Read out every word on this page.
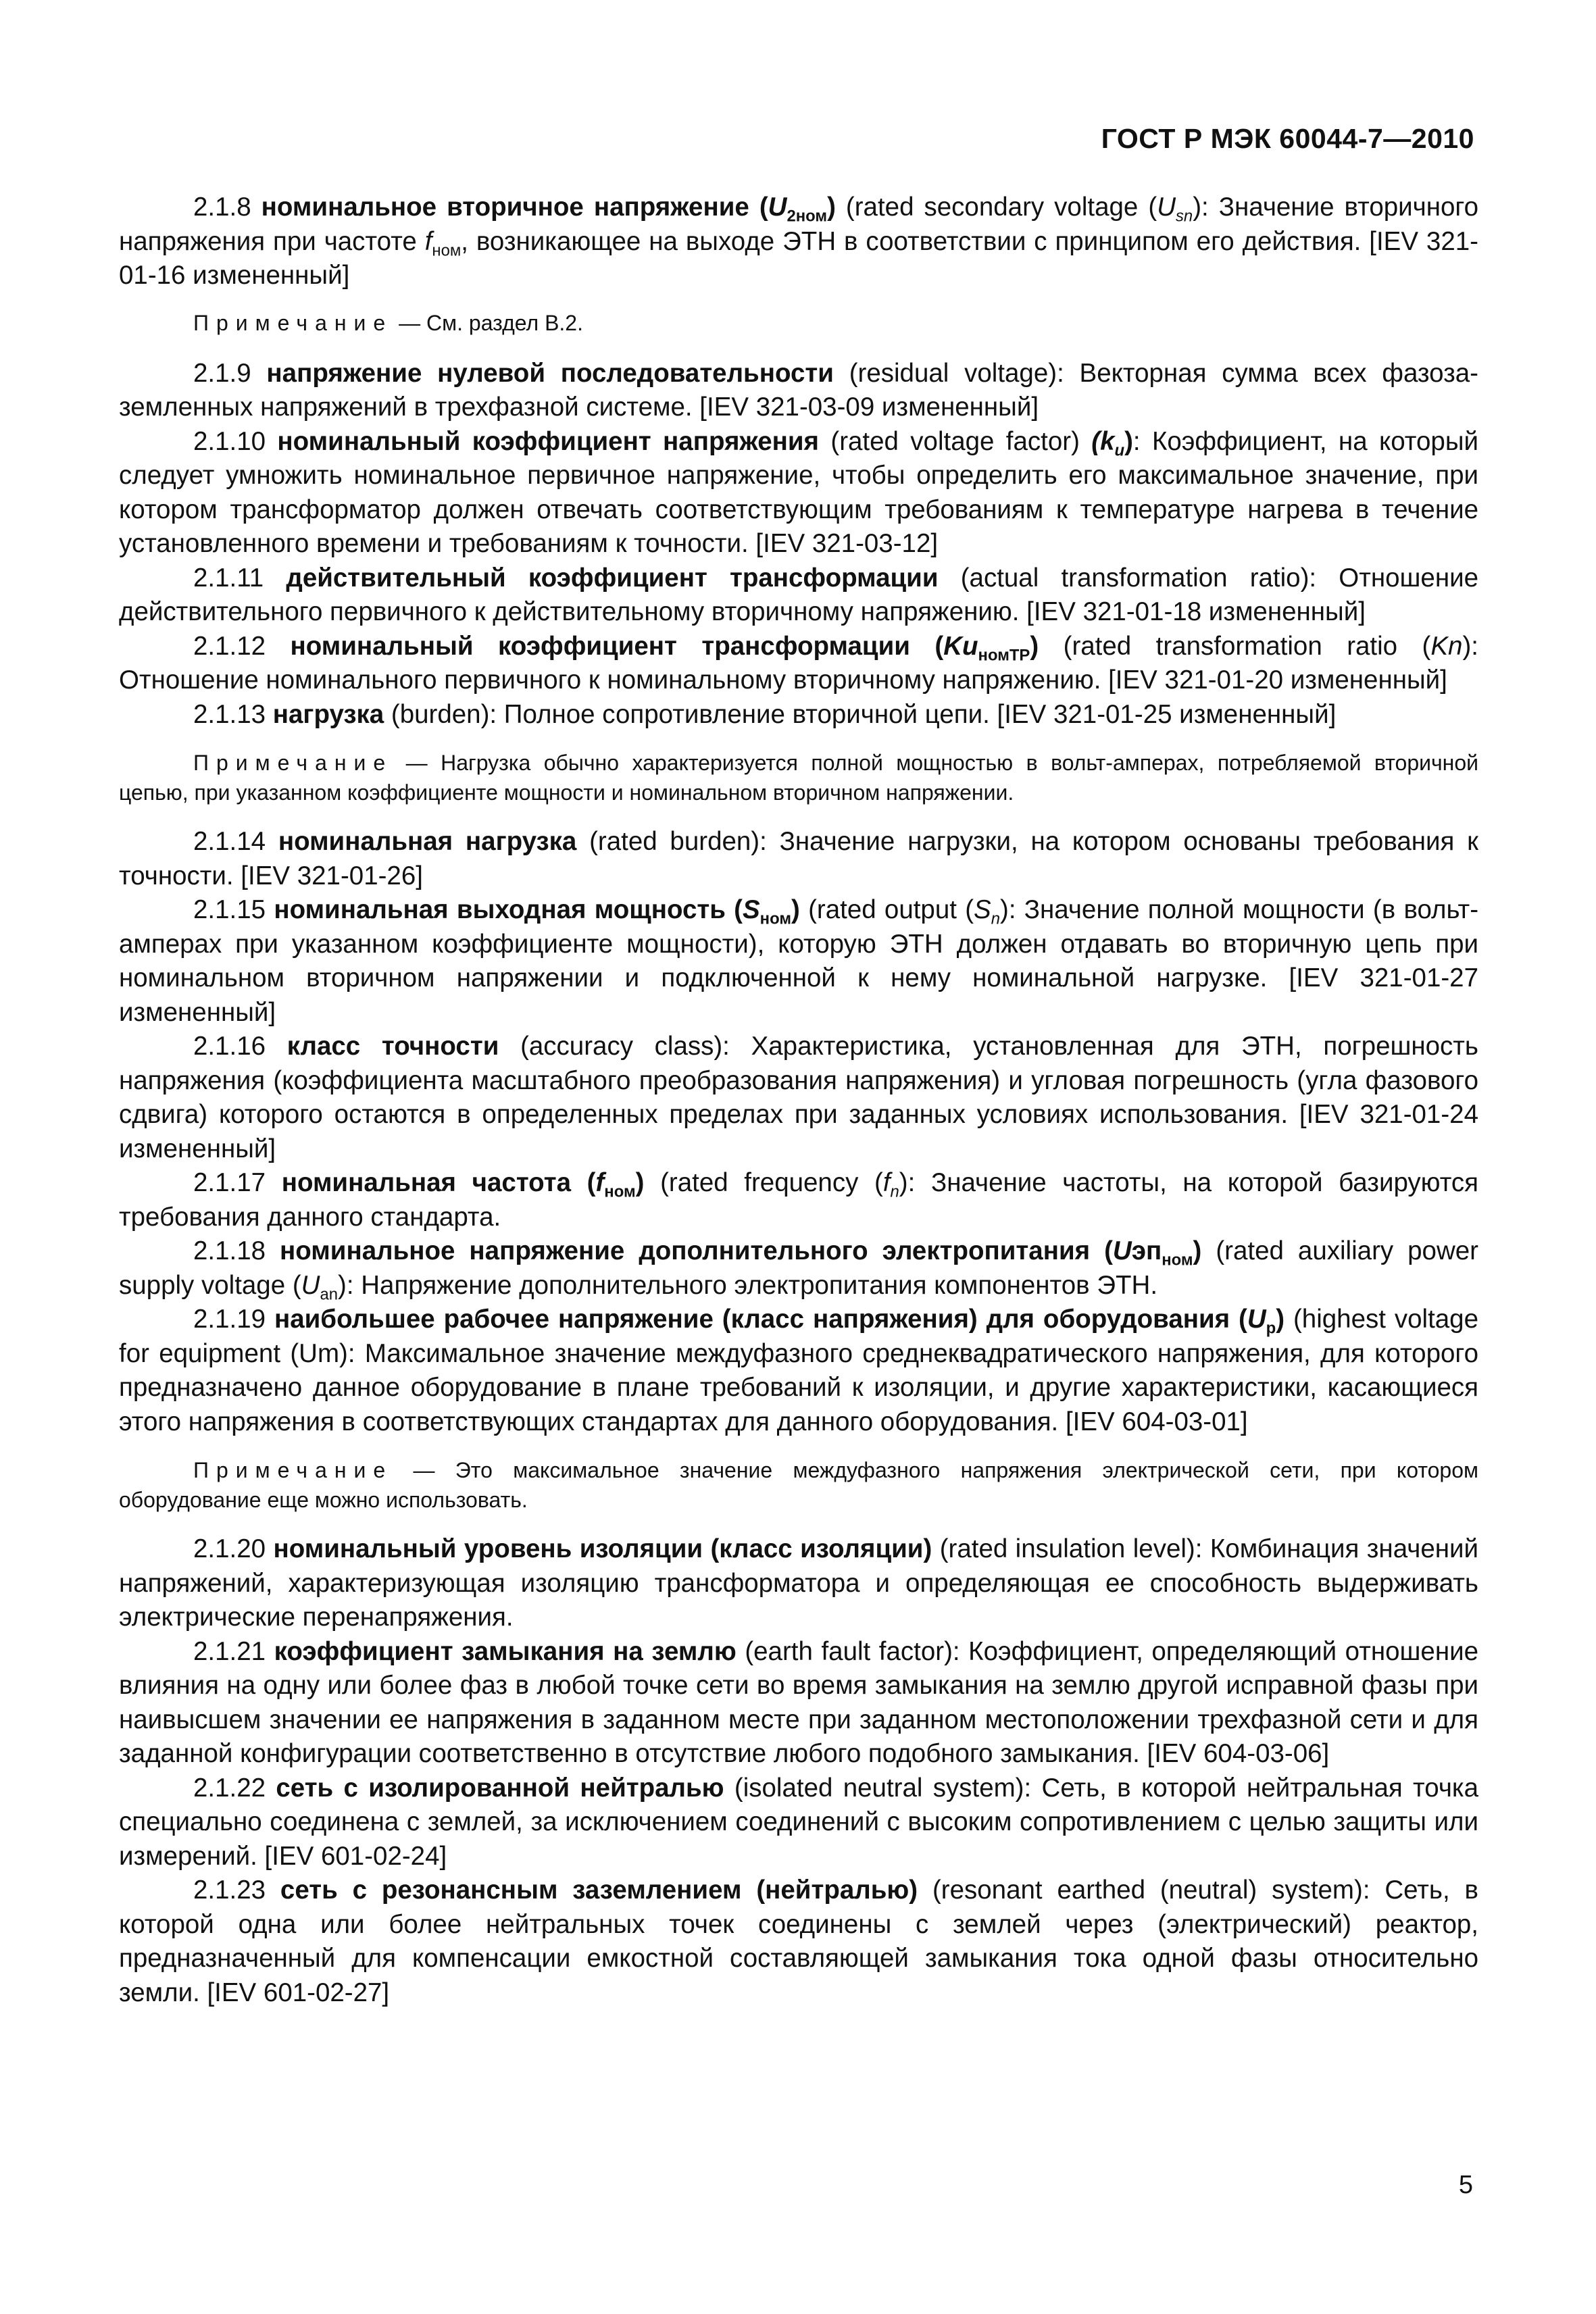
ГОСТ Р МЭК 60044-7—2010

2.1.8 номинальное вторичное напряжение $(U_{2ном})$ (rated secondary voltage $(U_{sn})$: Значение вторичного напряжения при частоте $f_{ном}$, возникающее на выходе ЭТН в соответствии с принципом его действия. [IEV 321-01-16 измененный]

Примечание — См. раздел В.2.

2.1.9 напряжение нулевой последовательности (residual voltage): Векторная сумма всех фазоза-земленных напряжений в трехфазной системе. [IEV 321-03-09 измененный]

2.1.10 номинальный коэффициент напряжения (rated voltage factor) $(k_u)$: Коэффициент, на который следует умножить номинальное первичное напряжение, чтобы определить его максимальное значение, при котором трансформатор должен отвечать соответствующим требованиям к температуре нагрева в течение установленного времени и требованиям к точности. [IEV 321-03-12]

2.1.11 действительный коэффициент трансформации (actual transformation ratio): Отношение действительного первичного к действительному вторичному напряжению. [IEV 321-01-18 измененный]

2.1.12 номинальный коэффициент трансформации $(Ku_{номТР})$ (rated transformation ratio (Kn): Отношение номинального первичного к номинальному вторичному напряжению. [IEV 321-01-20 измененный]

2.1.13 нагрузка (burden): Полное сопротивление вторичной цепи. [IEV 321-01-25 измененный]

Примечание — Нагрузка обычно характеризуется полной мощностью в вольт-амперах, потребляемой вторичной цепью, при указанном коэффициенте мощности и номинальном вторичном напряжении.

2.1.14 номинальная нагрузка (rated burden): Значение нагрузки, на котором основаны требования к точности. [IEV 321-01-26]

2.1.15 номинальная выходная мощность $(S_{ном})$ (rated output $(S_n)$: Значение полной мощности (в вольт-амперах при указанном коэффициенте мощности), которую ЭТН должен отдавать во вторичную цепь при номинальном вторичном напряжении и подключенной к нему номинальной нагрузке. [IEV 321-01-27 измененный]

2.1.16 класс точности (accuracy class): Характеристика, установленная для ЭТН, погрешность напряжения (коэффициента масштабного преобразования напряжения) и угловая погрешность (угла фазового сдвига) которого остаются в определенных пределах при заданных условиях использования. [IEV 321-01-24 измененный]

2.1.17 номинальная частота $(f_{ном})$ (rated frequency $(f_n)$: Значение частоты, на которой базируются требования данного стандарта.

2.1.18 номинальное напряжение дополнительного электропитания (Uэп$_{ном}$) (rated auxiliary power supply voltage $(U_{an})$: Напряжение дополнительного электропитания компонентов ЭТН.

2.1.19 наибольшее рабочее напряжение (класс напряжения) для оборудования $(U_р)$ (highest voltage for equipment (Um): Максимальное значение междуфазного среднеквадратического напряжения, для которого предназначено данное оборудование в плане требований к изоляции, и другие характеристики, касающиеся этого напряжения в соответствующих стандартах для данного оборудования. [IEV 604-03-01]

Примечание — Это максимальное значение междуфазного напряжения электрической сети, при котором оборудование еще можно использовать.

2.1.20 номинальный уровень изоляции (класс изоляции) (rated insulation level): Комбинация значений напряжений, характеризующая изоляцию трансформатора и определяющая ее способность выдерживать электрические перенапряжения.

2.1.21 коэффициент замыкания на землю (earth fault factor): Коэффициент, определяющий отношение влияния на одну или более фаз в любой точке сети во время замыкания на землю другой исправной фазы при наивысшем значении ее напряжения в заданном месте при заданном местоположении трехфазной сети и для заданной конфигурации соответственно в отсутствие любого подобного замыкания. [IEV 604-03-06]

2.1.22 сеть с изолированной нейтралью (isolated neutral system): Сеть, в которой нейтральная точка специально соединена с землей, за исключением соединений с высоким сопротивлением с целью защиты или измерений. [IEV 601-02-24]

2.1.23 сеть с резонансным заземлением (нейтралью) (resonant earthed (neutral) system): Сеть, в которой одна или более нейтральных точек соединены с землей через (электрический) реактор, предназначенный для компенсации емкостной составляющей замыкания тока одной фазы относительно земли. [IEV 601-02-27]

5
